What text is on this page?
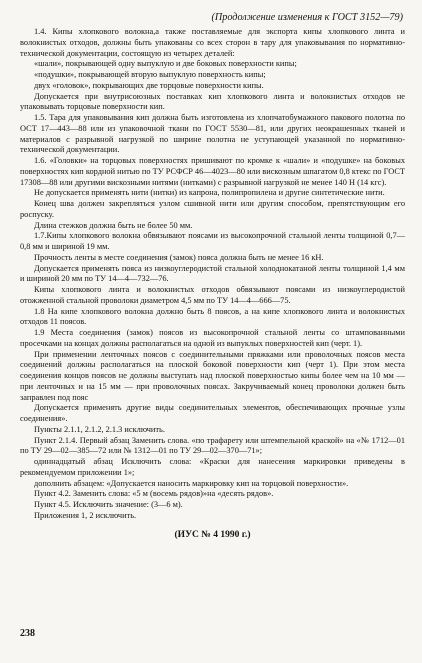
(Продолжение изменения к ГОСТ 3152—79)

1.4. Кипы хлопкового волокна,а также поставляемые для экспорта кипы хлопкового линта и волокнистых отходов, должны быть упакованы со всех сторон в тару для упаковывания по нормативно-технической документации, состоящую из четырех деталей:

«шали», покрывающей одну выпуклую и две боковых поверхности кипы;

«подушки», покрывающей вторую выпуклую поверхность кипы;

двух «головок», покрывающих две торцовые поверхности кипы.

Допускается при внутрисоюзных поставках кип хлопкового линта и волокнистых отходов не упаковывать торцовые поверхности кип.

1.5. Тара для упаковывания кип должна быть изготовлена из хлопчатобумажного пакового полотна по ОСТ 17—443—88 или из упаковочной ткани по ГОСТ 5530—81, или других неокрашенных тканей и материалов с разрывной нагрузкой по ширине полотна не уступающей указанной по нормативно-технической документации.

1.6. «Головки» на торцовых поверхностях пришивают по кромке к «шали» и «подушке» на боковых поверхностях кип кордной нитью по ТУ РСФСР 46—4023—80 или вискозным шпагатом 0,8 ктекс по ГОСТ 17308—88 или другими вискозными нитями (нитками) с разрывной нагрузкой не менее 140 Н (14 кгс).

Не допускается применять нити (нитки) из капрона, полипропилена и другие синтетические нити.

Конец шва должен закрепляться узлом сшивной нити или другим способом, препятствующим его роспуску.

Длина стежков должна быть не более 50 мм.

1.7.Кипы хлопкового волокна обвязывают поясами из высокопрочной стальной ленты толщиной 0,7—0,8 мм и шириной 19 мм.

Прочность ленты в месте соединения (замок) пояса должна быть не менее 16 кН.

Допускается применять пояса из низкоуглеродистой стальной холоднокатаной ленты толщиной 1,4 мм и шириной 20 мм по ТУ 14—4—732—76.

Кипы хлопкового линта и волокнистых отходов обвязывают поясами из низкоуглеродистой отожженной стальной проволоки диаметром 4,5 мм по ТУ 14—4—666—75.

1.8 На кипе хлопкового волокна должно быть 8 поясов, а на кипе хлопкового линта и волокнистых отходов 11 поясов.

1.9 Места соединения (замок) поясов из высокопрочной стальной ленты со штампованными просечками на концах должны располагаться на одной из выпуклых поверхностей кип (черт. 1).

При применении ленточных поясов с соединительными пряжками или проволочных поясов места соединений должны располагаться на плоской боковой поверхности кип (черт 1). При этом места соединения концов поясов не должны выступать над плоской поверхностью кипы более чем на 10 мм — при ленточных и на 15 мм — при проволочных поясах. Закручиваемый конец проволоки должен быть заправлен под пояс

Допускается применять другие виды соединительных элементов, обеспечивающих прочные узлы соединения».

Пункты 2.1.1, 2.1.2, 2.1.3 исключить.

Пункт 2.1.4. Первый абзац Заменить слова. «по трафарету или штемпельной краской» на «№ 1712—01 по ТУ 29—02—385—72 или № 1312—01 по ТУ 29—02—370—71»;

одиннадцатый абзац Исключить слова: «Краски для нанесения маркировки приведены в рекомендуемом приложении 1»;

дополнить абзацем: «Допускается наносить маркировку кип на торцовой поверхности».

Пункт 4.2. Заменить слова: «5 м (восемь рядов)»на «десять рядов».

Пункт 4.5. Исключить значение: (3—6 м).

Приложения 1, 2 исключить.

(ИУС № 4 1990 г.)
238
